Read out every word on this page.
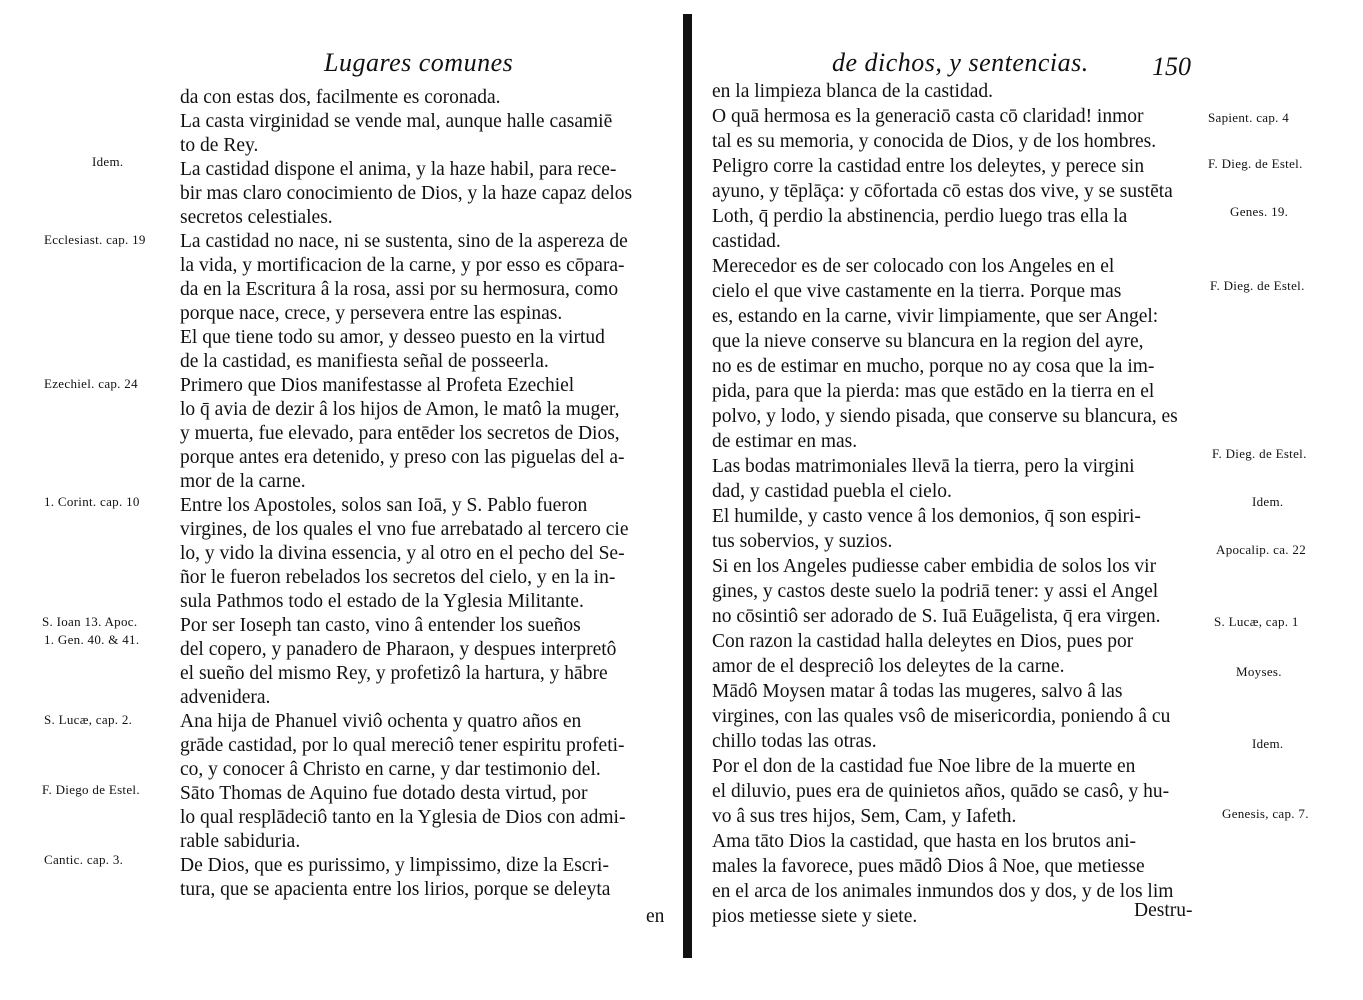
Lugares comunes
da con estas dos, facilmente es coronada.
La casta virginidad se vende mal, aunque halle casamiē
to de Rey.
La castidad dispone el anima, y la haze habil, para rece-
bir mas claro conocimiento de Dios, y la haze capaz delos
secretos celestiales.
La castidad no nace, ni se sustenta, sino de la aspereza de
la vida, y mortificacion de la carne, y por esso es cōpara-
da en la Escritura â la rosa, assi por su hermosura, como
porque nace, crece, y persevera entre las espinas.
El que tiene todo su amor, y desseo puesto en la virtud
de la castidad, es manifiesta señal de posseerla.
Primero que Dios manifestasse al Profeta Ezechiel
lo q̄ avia de dezir â los hijos de Amon, le matô la muger,
y muerta, fue elevado, para entēder los secretos de Dios,
porque antes era detenido, y preso con las piguelas del a-
mor de la carne.
Entre los Apostoles, solos san Ioā, y S. Pablo fueron
virgines, de los quales el vno fue arrebatado al tercero cie
lo, y vido la divina essencia, y al otro en el pecho del Se-
ñor le fueron rebelados los secretos del cielo, y en la in-
sula Pathmos todo el estado de la Yglesia Militante.
Por ser Ioseph tan casto, vino â entender los sueños
del copero, y panadero de Pharaon, y despues interpretô
el sueño del mismo Rey, y profetizô la hartura, y hābre
advenidera.
Ana hija de Phanuel viviô ochenta y quatro años en
grāde castidad, por lo qual mereciô tener espiritu profeti-
co, y conocer â Christo en carne, y dar testimonio del.
Sāto Thomas de Aquino fue dotado desta virtud, por
lo qual resplādeciô tanto en la Yglesia de Dios con admi-
rable sabiduria.
De Dios, que es purissimo, y limpissimo, dize la Escri-
tura, que se apacienta entre los lirios, porque se deleyta
en
Idem.
Ecclesiast. cap. 19
Ezechiel. cap. 24
1. Corint. cap. 10
S. Ioan 13. Apoc.
1. Gen. 40. & 41.
S. Lucæ, cap. 2.
F. Diego de Estel.
Cantic. cap. 3.
de dichos, y sentencias. 150
en la limpieza blanca de la castidad.
O quā hermosa es la generaciō casta cō claridad! inmor
tal es su memoria, y conocida de Dios, y de los hombres.
Peligro corre la castidad entre los deleytes, y perece sin
ayuno, y tēplāça: y cōfortada cō estas dos vive, y se sustēta
Loth, q̄ perdio la abstinencia, perdio luego tras ella la
castidad.
Merecedor es de ser colocado con los Angeles en el
cielo el que vive castamente en la tierra. Porque mas
es, estando en la carne, vivir limpiamente, que ser Angel:
que la nieve conserve su blancura en la region del ayre,
no es de estimar en mucho, porque no ay cosa que la im-
pida, para que la pierda: mas que estādo en la tierra en el
polvo, y lodo, y siendo pisada, que conserve su blancura, es
de estimar en mas.
Las bodas matrimoniales llevā la tierra, pero la virgini
dad, y castidad puebla el cielo.
El humilde, y casto vence â los demonios, q̄ son espiri-
tus sobervios, y suzios.
Si en los Angeles pudiesse caber embidia de solos los vir
gines, y castos deste suelo la podriā tener: y assi el Angel
no cōsintiô ser adorado de S. Iuā Euāgelista, q̄ era virgen.
Con razon la castidad halla deleytes en Dios, pues por
amor de el despreciô los deleytes de la carne.
Mādô Moysen matar â todas las mugeres, salvo â las
virgines, con las quales vsô de misericordia, poniendo â cu
chillo todas las otras.
Por el don de la castidad fue Noe libre de la muerte en
el diluvio, pues era de quinietos años, quādo se casô, y hu-
vo â sus tres hijos, Sem, Cam, y Iafeth.
Ama tāto Dios la castidad, que hasta en los brutos ani-
males la favorece, pues mādô Dios â Noe, que metiesse
en el arca de los animales inmundos dos y dos, y de los lim
pios metiesse siete y siete.	Destru-
Sapient. cap. 4
F. Dieg. de Estel.
Genes. 19.
F. Dieg. de Estel.
F. Dieg. de Estel.
Idem.
Apocalip. ca. 22
S. Lucæ, cap. 1
Moyses.
Idem.
Genesis, cap. 7.
